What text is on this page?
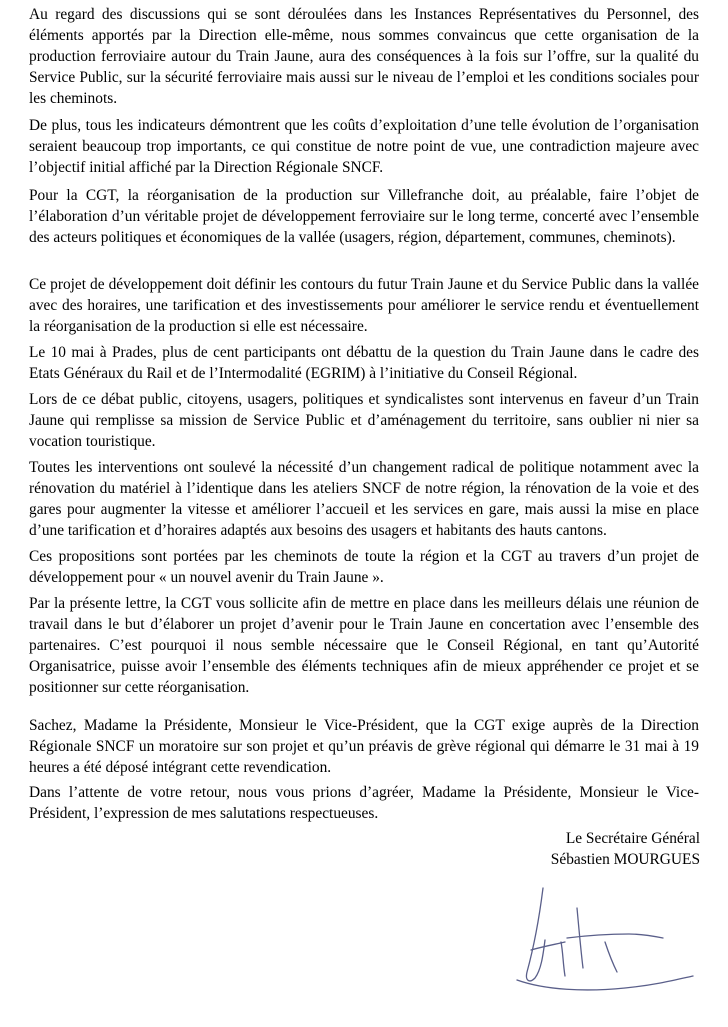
Au regard des discussions qui se sont déroulées dans les Instances Représentatives du Personnel, des éléments apportés par la Direction elle-même, nous sommes convaincus que cette organisation de la production ferroviaire autour du Train Jaune, aura des conséquences à la fois sur l’offre, sur la qualité du Service Public, sur la sécurité ferroviaire mais aussi sur le niveau de l’emploi et les conditions sociales pour les cheminots.

De plus, tous les indicateurs démontrent que les coûts d’exploitation d’une telle évolution de l’organisation seraient beaucoup trop importants, ce qui constitue de notre point de vue, une contradiction majeure avec l’objectif initial affiché par la Direction Régionale SNCF.

Pour la CGT, la réorganisation de la production sur Villefranche doit, au préalable, faire l’objet de l’élaboration d’un véritable projet de développement ferroviaire sur le long terme, concerté avec l’ensemble des acteurs politiques et économiques de la vallée (usagers, région, département, communes, cheminots).

Ce projet de développement doit définir les contours du futur Train Jaune et du Service Public dans la vallée avec des horaires, une tarification et des investissements pour améliorer le service rendu et éventuellement la réorganisation de la production si elle est nécessaire.

Le 10 mai à Prades, plus de cent participants ont débattu de la question du Train Jaune dans le cadre des Etats Généraux du Rail et de l’Intermodalité (EGRIM) à l’initiative du Conseil Régional.

Lors de ce débat public, citoyens, usagers, politiques et syndicalistes sont intervenus en faveur d’un Train Jaune qui remplisse sa mission de Service Public et d’aménagement du territoire, sans oublier ni nier sa vocation touristique.

Toutes les interventions ont soulevé la nécessité d’un changement radical de politique notamment avec la rénovation du matériel à l’identique dans les ateliers SNCF de notre région, la rénovation de la voie et des gares pour augmenter la vitesse et améliorer l’accueil et les services en gare, mais aussi la mise en place d’une tarification et d’horaires adaptés aux besoins des usagers et habitants des hauts cantons.

Ces propositions sont portées par les cheminots de toute la région et la CGT au travers d’un projet de développement pour « un nouvel avenir du Train Jaune ».

Par la présente lettre, la CGT vous sollicite afin de mettre en place dans les meilleurs délais une réunion de travail dans le but d’élaborer un projet d’avenir pour le Train Jaune en concertation avec l’ensemble des partenaires. C’est pourquoi il nous semble nécessaire que le Conseil Régional, en tant qu’Autorité Organisatrice, puisse avoir l’ensemble des éléments techniques afin de mieux appréhender ce projet et se positionner sur cette réorganisation.

Sachez, Madame la Présidente, Monsieur le Vice-Président, que la CGT exige auprès de la Direction Régionale SNCF un moratoire sur son projet et qu’un préavis de grève régional qui démarre le 31 mai à 19 heures a été déposé intégrant cette revendication.

Dans l’attente de votre retour, nous vous prions d’agréer, Madame la Présidente, Monsieur le Vice-Président, l’expression de mes salutations respectueuses.

Le Secrétaire Général
Sébastien MOURGUES
